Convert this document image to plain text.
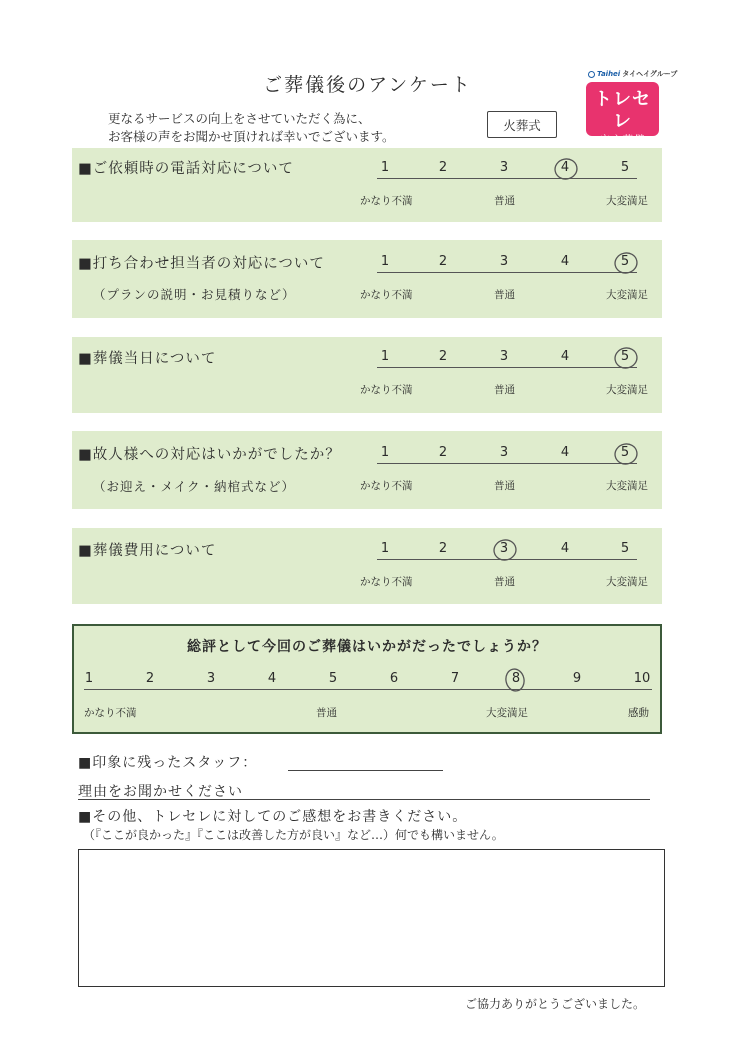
ご葬儀後のアンケート
更なるサービスの向上をさせていただく為に、
お客様の声をお聞かせ頂ければ幸いでございます。
火葬式
Taihei タイヘイグループ
トレセレ
安心葬儀
■ご依頼時の電話対応について
■打ち合わせ担当者の対応について
（プランの説明・お見積りなど）
■葬儀当日について
■故人様への対応はいかがでしたか？
（お迎え・メイク・納棺式など）
■葬儀費用について
1	2	3	4	5
かなり不満	普通	大変満足
1	2	3	4	5
かなり不満	普通	大変満足
1	2	3	4	5
かなり不満	普通	大変満足
1	2	3	4	5
かなり不満	普通	大変満足
1	2	3	4	5
かなり不満	普通	大変満足
総評として今回のご葬儀はいかがだったでしょうか？
1	2	3	4	5	6	7	8	9	10
かなり不満	普通	大変満足	感動
■印象に残ったスタッフ：
理由をお聞かせください
■その他、トレセレに対してのご感想をお書きください。
（『ここが良かった』『ここは改善した方が良い』など…）何でも構いません。
ご協力ありがとうございました。
